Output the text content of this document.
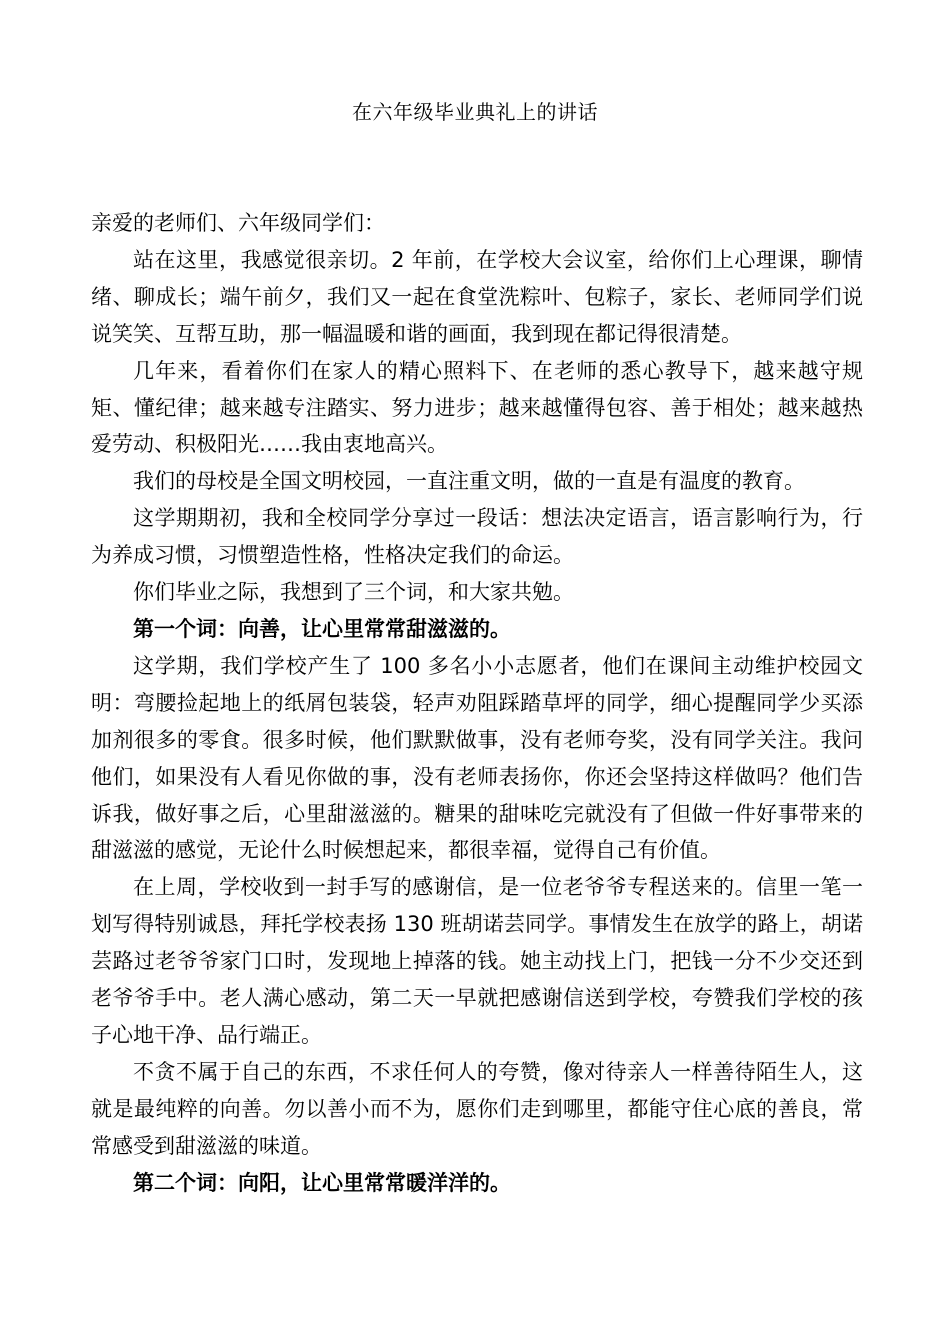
在六年级毕业典礼上的讲话

亲爱的老师们、六年级同学们：

站在这里，我感觉很亲切。2 年前，在学校大会议室，给你们上心理课，聊情绪、聊成长；端午前夕，我们又一起在食堂洗粽叶、包粽子，家长、老师同学们说说笑笑、互帮互助，那一幅温暖和谐的画面，我到现在都记得很清楚。

几年来，看着你们在家人的精心照料下、在老师的悉心教导下，越来越守规矩、懂纪律；越来越专注踏实、努力进步；越来越懂得包容、善于相处；越来越热爱劳动、积极阳光……我由衷地高兴。

我们的母校是全国文明校园，一直注重文明，做的一直是有温度的教育。

这学期期初，我和全校同学分享过一段话：想法决定语言，语言影响行为，行为养成习惯，习惯塑造性格，性格决定我们的命运。

你们毕业之际，我想到了三个词，和大家共勉。

第一个词：向善，让心里常常甜滋滋的。

这学期，我们学校产生了 100 多名小小志愿者，他们在课间主动维护校园文明：弯腰捡起地上的纸屑包装袋，轻声劝阻踩踏草坪的同学，细心提醒同学少买添加剂很多的零食。很多时候，他们默默做事，没有老师夸奖，没有同学关注。我问他们，如果没有人看见你做的事，没有老师表扬你，你还会坚持这样做吗？他们告诉我，做好事之后，心里甜滋滋的。糖果的甜味吃完就没有了但做一件好事带来的甜滋滋的感觉，无论什么时候想起来，都很幸福，觉得自己有价值。

在上周，学校收到一封手写的感谢信，是一位老爷爷专程送来的。信里一笔一划写得特别诚恳，拜托学校表扬 130 班胡诺芸同学。事情发生在放学的路上，胡诺芸路过老爷爷家门口时，发现地上掉落的钱。她主动找上门，把钱一分不少交还到老爷爷手中。老人满心感动，第二天一早就把感谢信送到学校，夸赞我们学校的孩子心地干净、品行端正。

不贪不属于自己的东西，不求任何人的夸赞，像对待亲人一样善待陌生人，这就是最纯粹的向善。勿以善小而不为，愿你们走到哪里，都能守住心底的善良，常常感受到甜滋滋的味道。

第二个词：向阳，让心里常常暖洋洋的。
